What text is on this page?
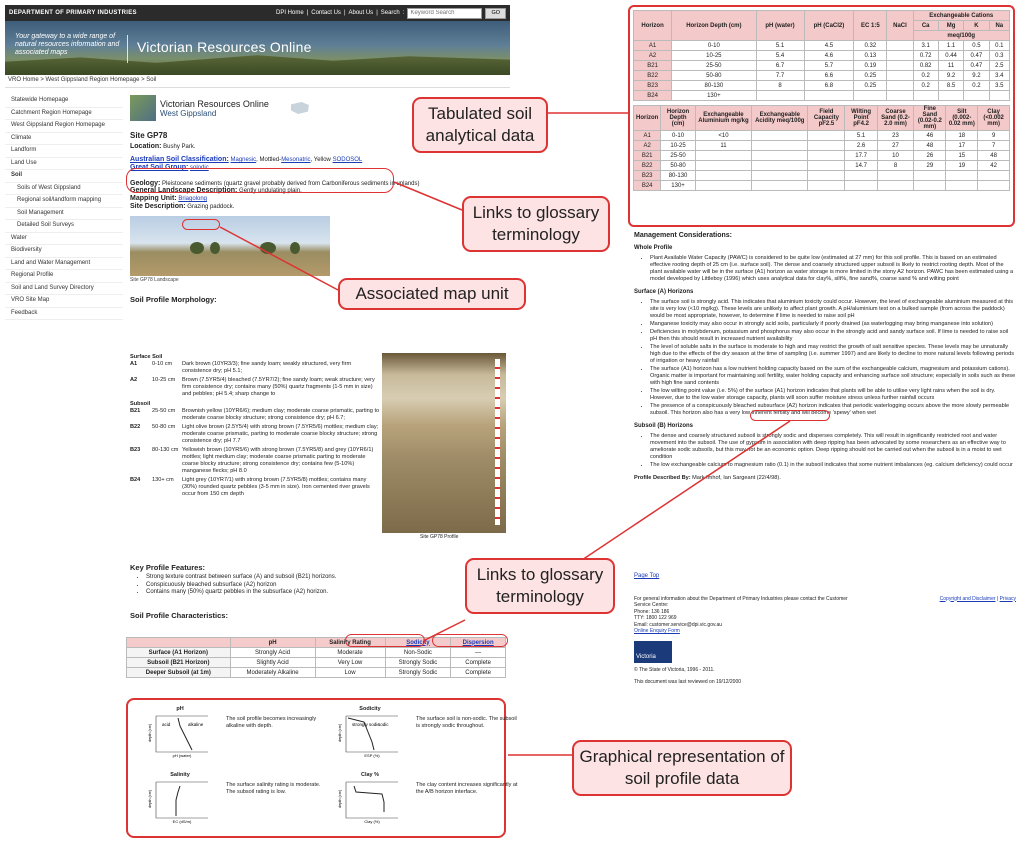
DEPARTMENT OF PRIMARY INDUSTRIES	DPI Home | Contact Us | About Us | Search :
Keyword Search	GO
Your gateway to a wide range of natural resources information and associated maps	Victorian Resources Online
VRO Home > West Gippsland Region Homepage > Soil
Statewide Homepage
Catchment Region Homepage
West Gippsland Region Homepage
Climate
Landform
Land Use
Soil
Soils of West Gippsland
Regional soil/landform mapping
Soil Management
Detailed Soil Surveys
Water
Biodiversity
Land and Water Management
Regional Profile
Soil and Land Survey Directory
VRO Site Map
Feedback
Victorian Resources Online
West Gippsland
Site GP78
Location: Bushy Park.
Australian Soil Classification: Magnesic, Mottled-Mesonatric, Yellow SODOSOL
Great Soil Group: solodic
Geology: Pleistocene sediments (quartz gravel probably derived from Carboniferous sediments in uplands)
General Landscape Description: Gently undulating plain.
Mapping Unit: Briagolong
Site Description: Grazing paddock.
Site GP78 Landscape
Soil Profile Morphology:
Surface Soil
A1	0-10 cm	Dark brown (10YR3/3); fine sandy loam; weakly structured, very firm consistence dry; pH 5.1;
A2	10-25 cm	Brown (7.5YR5/4) bleached (7.5YR7/2); fine sandy loam; weak structure; very firm consistence dry; contains many (50%) quartz fragments (1-5 mm in size) and pebbles; pH 5.4; sharp change to
Subsoil
B21	25-50 cm	Brownish yellow (10YR6/6); medium clay; moderate coarse prismatic, parting to moderate coarse blocky structure; strong consistence dry; pH 6.7;
B22	50-80 cm	Light olive brown (2.5Y5/4) with strong brown (7.5YR5/6) mottles; medium clay; moderate coarse prismatic, parting to moderate coarse blocky structure; strong consistence dry; pH 7.7
B23	80-130 cm Yellowish brown (10YR5/6) with strong brown (7.5YR5/8) and grey (10YR6/1) mottles; light medium clay; moderate coarse prismatic parting to moderate coarse blocky structure; strong consistence dry; contains few (5-10%) manganese flecks; pH 8.0
B24	130+ cm	Light grey (10YR7/1) with strong brown (7.5YR5/8) mottles; contains many (30%) rounded quartz pebbles (3-5 mm in size). Iron cemented river gravels occur from 150 cm depth
Site GP78 Profile
Key Profile Features:
• Strong texture contrast between surface (A) and subsoil (B21) horizons.
• Conspicuously bleached subsurface (A2) horizon
• Contains many (50%) quartz pebbles in the subsurface (A2) horizon.
Soil Profile Characteristics:
	pH	Salinity Rating	Sodicity	Dispersion
Surface (A1 Horizon)	Strongly Acid	Moderate	Non-Sodic	—
Subsoil (B21 Horizon)	Slightly Acid	Very Low	Strongly Sodic	Complete
Deeper Subsoil (at 1m)	Moderately Alkaline	Low	Strongly Sodic	Complete
pH
acid	alkaline
pH (water)
depth (cm)
The soil profile becomes increasingly alkaline with depth.
Sodicity
strongly sodic
sodic
ESP (%)
depth (cm)
The surface soil is non-sodic. The subsoil is strongly sodic throughout.
Salinity
EC (dS/m)
depth (cm)
The surface salinity rating is moderate. The subsoil rating is low.
Clay %
Clay (%)
depth (cm)
The clay content increases significantly at the A/B horizon interface.
Horizon	Horizon Depth (cm)	pH (water)	pH (CaCl2)	EC 1:5	NaCl	Exchangeable Cations			
						Ca	Mg	K	Na
						meq/100g			
A1	0-10	5.1	4.5	0.32		3.1	1.1	0.5	0.1
A2	10-25	5.4	4.6	0.13		0.72	0.44	0.47	0.3
B21	25-50	6.7	5.7	0.19		0.82	11	0.47	2.5
B22	50-80	7.7	6.6	0.25		0.2	9.2	9.2	3.4
B23	80-130	8	6.8	0.25		0.2	8.5	0.2	3.5
B24	130+								
Horizon	Horizon Depth (cm)	Exchangeable Aluminium mg/kg	Exchangeable Acidity meq/100g	Field Capacity pF2.5	Wilting Point pF4.2	Coarse Sand (0.2-2.0 mm)	Fine Sand (0.02-0.2 mm)	Silt (0.002-0.02 mm)	Clay (<0.002 mm)
A1	0-10	<10			5.1	23	46	18	9
A2	10-25	11			2.6	27	48	17	7
B21	25-50				17.7	10	26	15	48
B22	50-80				14.7	8	29	19	42
B23	80-130								
B24	130+								
Management Considerations:
Whole Profile
• Plant Available Water Capacity (PAWC) is considered to be quite low (estimated at 27 mm) for this soil profile. This is based on an estimated effective rooting depth of 25 cm (i.e. surface soil). The dense and coarsely structured upper subsoil is likely to restrict rooting depth. Most of the plant available water will be in the surface (A1) horizon as water storage is more limited in the stony A2 horizon. PAWC has been estimated using a model developed by Littleboy (1996) which uses analytical data for clay%, silt%, fine sand%, coarse sand % and wilting point
Surface (A) Horizons
• The surface soil is strongly acid. This indicates that aluminium toxicity could occur. However, the level of exchangeable aluminium measured at this site is very low (<10 mg/kg). These levels are unlikely to affect plant growth. A pH/aluminium test on a bulked sample (from across the paddock) would be most appropriate, however, to determine if lime is needed to raise soil pH
• Manganese toxicity may also occur in strongly acid soils, particularly if poorly drained (as waterlogging may bring manganese into solution)
• Deficiencies in molybdenum, potassium and phosphorus may also occur in the strongly acid and sandy surface soil. If lime is needed to raise soil pH then this should result in increased nutrient availability
• The level of soluble salts in the surface is moderate to high and may restrict the growth of salt sensitive species. These levels may be unnaturally high due to the effects of the dry season at the time of sampling (i.e. summer 1997) and are likely to decline to more natural levels following periods of irrigation or heavy rainfall
• The surface (A1) horizon has a low nutrient holding capacity based on the sum of the exchangeable calcium, magnesium and potassium cations). Organic matter is important for maintaining soil fertility, water holding capacity and enhancing surface soil structure; especially in soils such as these with high fine sand contents
• The low wilting point value (i.e. 5%) of the surface (A1) horizon indicates that plants will be able to utilise very light rains when the soil is dry. However, due to the low water storage capacity, plants will soon suffer moisture stress unless further rainfall occurs
• The presence of a conspicuously bleached subsurface (A2) horizon indicates that periodic waterlogging occurs above the more slowly permeable subsoil. This horizon also has a very low inherent fertility and will become 'spewy' when wet
Subsoil (B) Horizons
• The dense and coarsely structured subsoil is strongly sodic and disperses completely. This will result in significantly restricted root and water movement into the subsoil. The use of gypsum in association with deep ripping has been advocated by some researchers as an effective way to ameliorate sodic subsoils, but this may not be an economic option. Deep ripping should not be carried out when the subsoil is in a moist to wet condition
• The low exchangeable calcium to magnesium ratio (0.1) in the subsoil indicates that some nutrient imbalances (eg. calcium deficiency) could occur
Profile Described By: Mark Imhof, Ian Sargeant (22/4/98).
Page Top
For general information about the Department of Primary Industries please contact the Customer Service Centre:
Phone: 136 186
TTY: 1800 122 969
Email: customer.service@dpi.vic.gov.au
Online Enquiry Form
Copyright and Disclaimer | Privacy
Victoria
© The State of Victoria, 1996 - 2011.
This document was last reviewed on 19/12/2000
Tabulated soil analytical data
Links to glossary terminology
Associated map unit
Links to glossary terminology
Graphical representation of soil profile data
